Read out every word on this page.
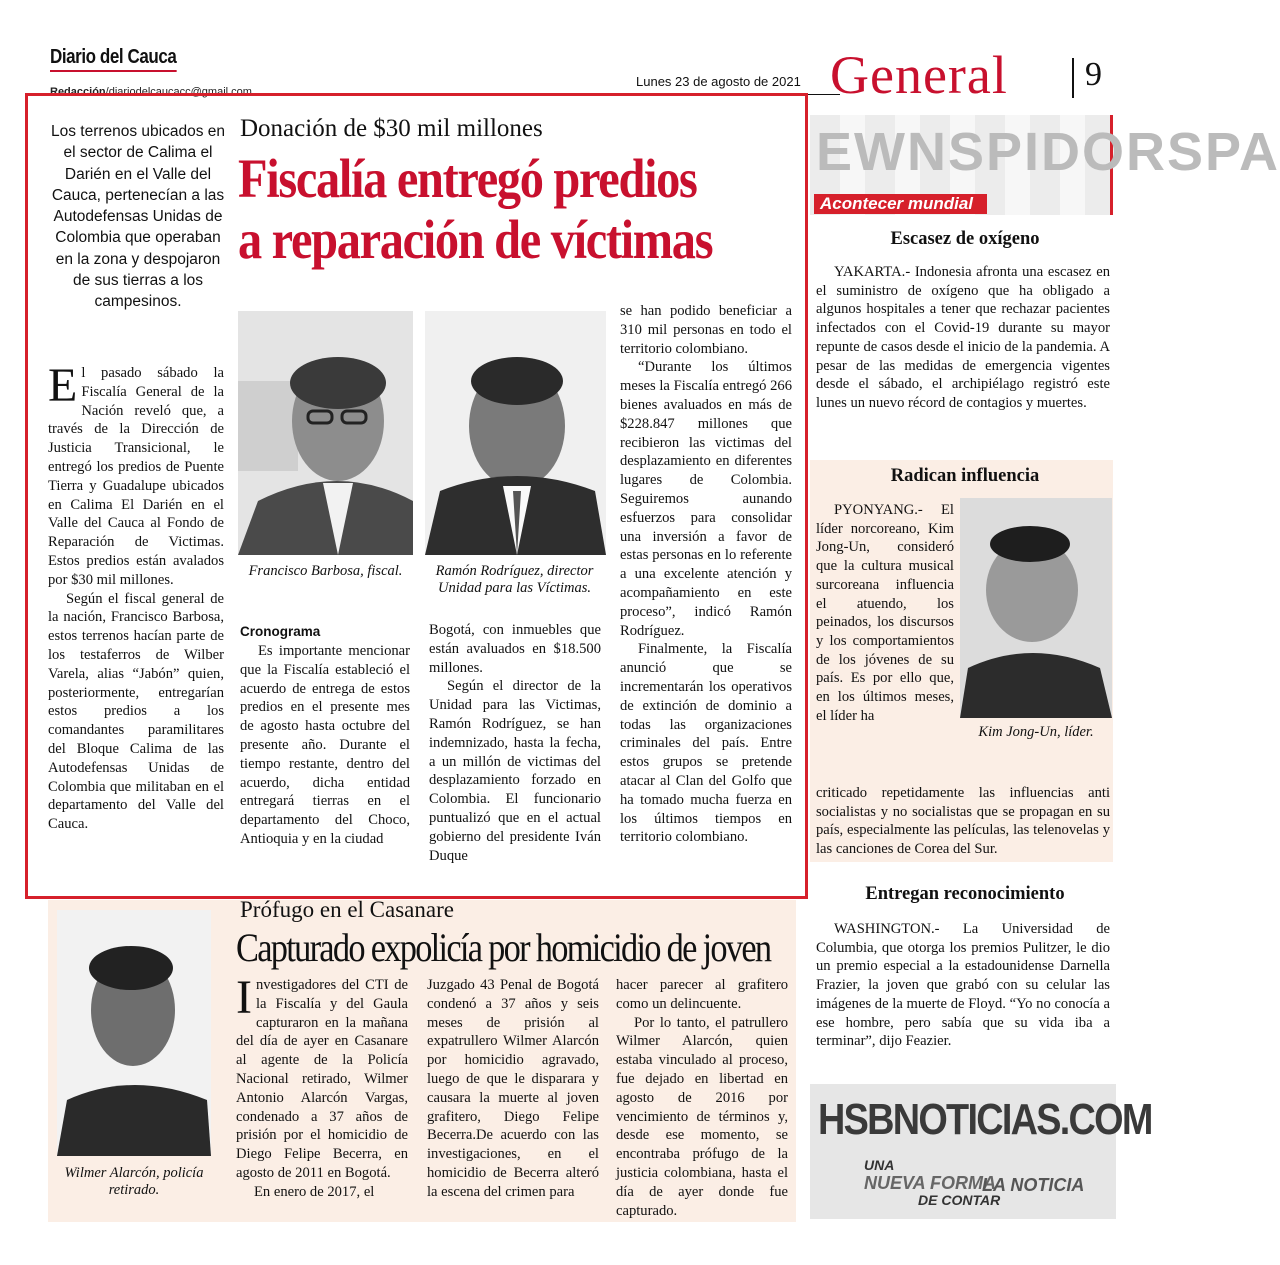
Diario del Cauca
Redacción/diariodelcaucacc@gmail.com
Lunes 23 de agosto de 2021 General 9
Los terrenos ubicados en el sector de Calima el Darién en el Valle del Cauca, pertenecían a las Autodefensas Unidas de Colombia que operaban en la zona y despojaron de sus tierras a los campesinos.
Donación de $30 mil millones
Fiscalía entregó predios
a reparación de víctimas

El pasado sábado la Fiscalía General de la Nación reveló que, a través de la Dirección de Justicia Transicional, le entregó los predios de Puente Tierra y Guadalupe ubicados en Calima El Darién en el Valle del Cauca al Fondo de Reparación de Victimas. Estos predios están avalados por $30 mil millones.

Según el fiscal general de la nación, Francisco Barbosa, estos terrenos hacían parte de los testaferros de Wilber Varela, alias “Jabón” quien, posteriormente, entregarían estos predios a los comandantes paramilitares del Bloque Calima de las Autodefensas Unidas de Colombia que militaban en el departamento del Valle del Cauca.

Francisco Barbosa, fiscal.	Ramón Rodríguez, director Unidad para las Víctimas.
Cronograma

Es importante mencionar que la Fiscalía estableció el acuerdo de entrega de estos predios en el presente mes de agosto hasta octubre del presente año. Durante el tiempo restante, dentro del acuerdo, dicha entidad entregará tierras en el departamento del Choco, Antioquia y en la ciudad

Bogotá, con inmuebles que están avaluados en $18.500 millones.

Según el director de la Unidad para las Victimas, Ramón Rodríguez, se han indemnizado, hasta la fecha, a un millón de victimas del desplazamiento forzado en Colombia. El funcionario puntualizó que en el actual gobierno del presidente Iván Duque

se han podido beneficiar a 310 mil personas en todo el territorio colombiano.

“Durante los últimos meses la Fiscalía entregó 266 bienes avaluados en más de $228.847 millones que recibieron las victimas del desplazamiento en diferentes lugares de Colombia. Seguiremos aunando esfuerzos para consolidar una inversión a favor de estas personas en lo referente a una excelente atención y acompañamiento en este proceso”, indicó Ramón Rodríguez.

Finalmente, la Fiscalía anunció que se incrementarán los operativos de extinción de dominio a todas las organizaciones criminales del país. Entre estos grupos se pretende atacar al Clan del Golfo que ha tomado mucha fuerza en los últimos tiempos en territorio colombiano.

Prófugo en el Casanare
Capturado expolicía por homicidio de joven
Wilmer Alarcón, policía retirado.

Investigadores del CTI de la Fiscalía y del Gaula capturaron en la mañana del día de ayer en Casanare al agente de la Policía Nacional retirado, Wilmer Antonio Alarcón Vargas, condenado a 37 años de prisión por el homicidio de Diego Felipe Becerra, en agosto de 2011 en Bogotá.

En enero de 2017, el

Juzgado 43 Penal de Bogotá condenó a 37 años y seis meses de prisión al expatrullero Wilmer Alarcón por homicidio agravado, luego de que le disparara y causara la muerte al joven grafitero, Diego Felipe Becerra.De acuerdo con las investigaciones, en el homicidio de Becerra alteró la escena del crimen para

hacer parecer al grafitero como un delincuente.

Por lo tanto, el patrullero Wilmer Alarcón, quien estaba vinculado al proceso, fue dejado en libertad en agosto de 2016 por vencimiento de términos y, desde ese momento, se encontraba prófugo de la justicia colombiana, hasta el día de ayer donde fue capturado.

EWNSPIDORSPA
Acontecer mundial
Escasez de oxígeno

YAKARTA.- Indonesia afronta una escasez en el suministro de oxígeno que ha obligado a algunos hospitales a tener que rechazar pacientes infectados con el Covid-19 durante su mayor repunte de casos desde el inicio de la pandemia. A pesar de las medidas de emergencia vigentes desde el sábado, el archipiélago registró este lunes un nuevo récord de contagios y muertes.

Radican influencia

PYONYANG.- El líder norcoreano, Kim Jong-Un, consideró que la cultura musical surcoreana influencia el atuendo, los peinados, los discursos y los comportamientos de los jóvenes de su país. Es por ello que, en los últimos meses, el líder ha

Kim Jong-Un, líder.

criticado repetidamente las influencias anti socialistas y no socialistas que se propagan en su país, especialmente las películas, las telenovelas y las canciones de Corea del Sur.

Entregan reconocimiento

WASHINGTON.- La Universidad de Columbia, que otorga los premios Pulitzer, le dio un premio especial a la estadounidense Darnella Frazier, la joven que grabó con su celular las imágenes de la muerte de Floyd. “Yo no conocía a ese hombre, pero sabía que su vida iba a terminar”, dijo Feazier.

HSBNOTICIAS.COM
UNA
NUEVA FORMA
DE CONTAR
LA NOTICIA
